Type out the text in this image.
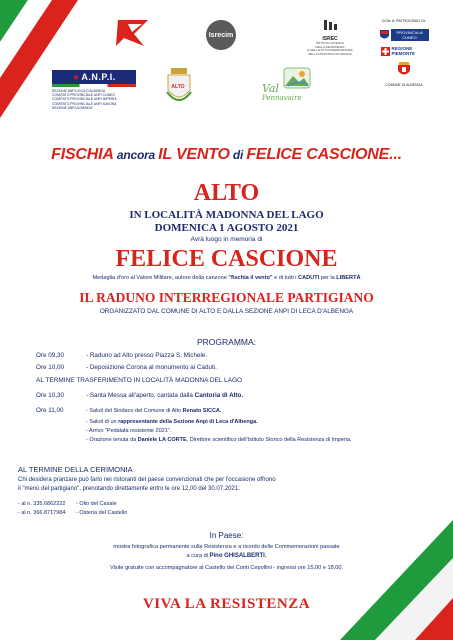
Isrecim
ISREC
ISTITUTO STORICO
DELLA RESISTENZA
E DELL'ETÀ CONTEMPORANEA
DELLA PROVINCIA DI SAVONA
CON IL PATROCINIO DI:
PROVINCIA di CUNEO
REGIONE PIEMONTE
COMUNE DI ALBENGA
★ A.N.P.I.
SEZIONE ANPI LECA D'ALBENGA
COMITATO PROVINCIALE ANPI CUNEO
COMITATO PROVINCIALE ANPI IMPERIA
COMITATO PROVINCIALE ANPI SAVONA
SEZIONE ANPI ALBENGA
ALTO	Val
Pennavaire
FISCHIA ancora IL VENTO di FELICE CASCIONE...
ALTO
IN LOCALITÀ MADONNA DEL LAGO
DOMENICA 1 AGOSTO 2021
Avrà luogo in memoria di
FELICE CASCIONE
Medaglia d'oro al Valore Militare, autore della canzone "fischia il vento" e di tutti i CADUTI per la LIBERTÀ
IL RADUNO INTERREGIONALE PARTIGIANO
ORGANIZZATO DAL COMUNE DI ALTO E DALLA SEZIONE ANPI DI LECA D'ALBENGA
PROGRAMMA:
Ore 09,30	- Raduno ad Alto presso Piazza S. Michele.
Ore 10,00	- Deposizione Corona al monumento ai Caduti.
AL TERMINE TRASFERIMENTO IN LOCALITÀ MADONNA DEL LAGO
Ore 10,30	- Santa Messa all'aperto, cantata dalla Cantoria di Alto.
Ore 11,00	- Saluti del Sindaco del Comune di Alto Renato SICCA.
- Saluti di un rappresentante della Sezione Anpi di Leca d'Albenga.
- Arrivo "Pedalata resistente 2021".
- Orazione tenuta da Daniele LA CORTE, Direttore scientifico dell'Istituto Storico della Resistenza di Imperia.
AL TERMINE DELLA CERIMONIA
Chi desidera pranzare può farlo nei ristoranti del paese convenzionati che per l'occasione offrono
il "menù del partigiano", prenotando direttamente entro le ore 12,00 del 30.07.2021:
- al n. 335.6862222 - Olio del Casale
- al n. 366.8717984 - Osteria del Castello
In Paese:
mostra fotografica permanente sulla Resistenza e a ricordo delle Commemorazioni passate
a cura di Pino GHISALBERTI.
Visite gratuite con accompagnatore al Castello dei Conti Cepollini - ingressi ore 15,00 e 18,00.
VIVA LA RESISTENZA
